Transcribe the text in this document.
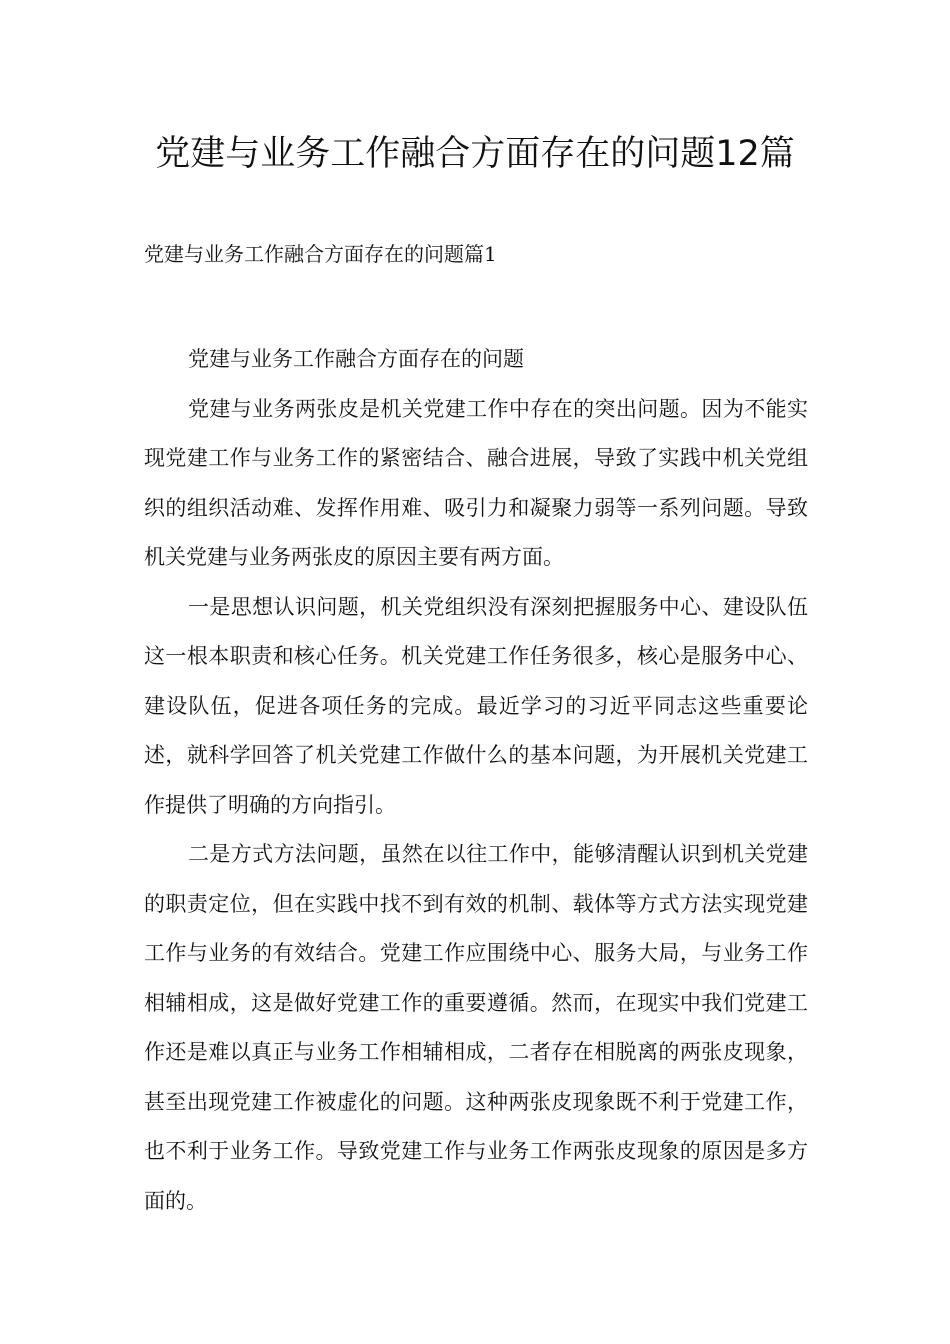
党建与业务工作融合方面存在的问题12篇
党建与业务工作融合方面存在的问题篇1

党建与业务工作融合方面存在的问题

党建与业务两张皮是机关党建工作中存在的突出问题。因为不能实现党建工作与业务工作的紧密结合、融合进展，导致了实践中机关党组织的组织活动难、发挥作用难、吸引力和凝聚力弱等一系列问题。导致机关党建与业务两张皮的原因主要有两方面。

一是思想认识问题，机关党组织没有深刻把握服务中心、建设队伍这一根本职责和核心任务。机关党建工作任务很多，核心是服务中心、建设队伍，促进各项任务的完成。最近学习的习近平同志这些重要论述，就科学回答了机关党建工作做什么的基本问题，为开展机关党建工作提供了明确的方向指引。

二是方式方法问题，虽然在以往工作中，能够清醒认识到机关党建的职责定位，但在实践中找不到有效的机制、载体等方式方法实现党建工作与业务的有效结合。党建工作应围绕中心、服务大局，与业务工作相辅相成，这是做好党建工作的重要遵循。然而，在现实中我们党建工作还是难以真正与业务工作相辅相成，二者存在相脱离的两张皮现象，甚至出现党建工作被虚化的问题。这种两张皮现象既不利于党建工作，也不利于业务工作。导致党建工作与业务工作两张皮现象的原因是多方面的。
